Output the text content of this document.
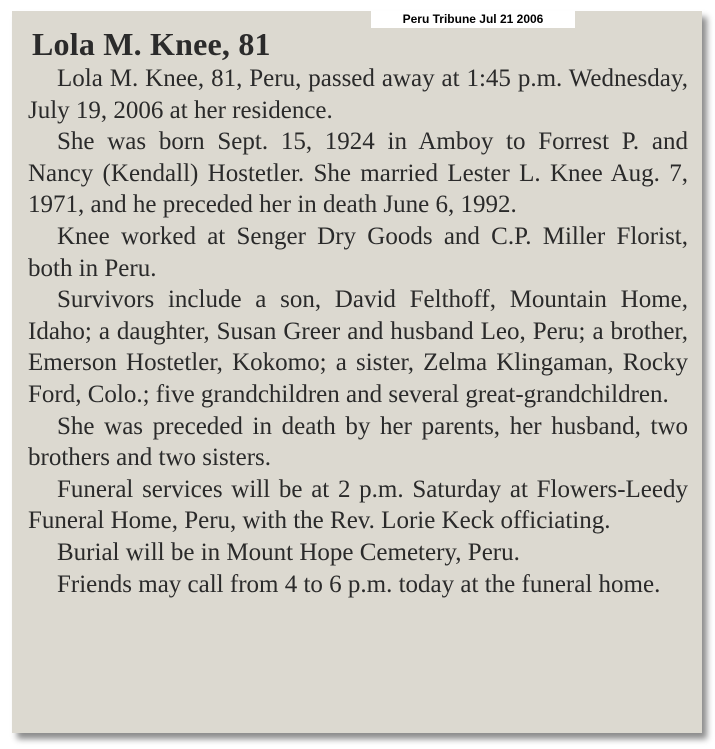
Lola M. Knee, 81

Lola M. Knee, 81, Peru, passed away at 1:45 p.m. Wednesday, July 19, 2006 at her residence.

She was born Sept. 15, 1924 in Amboy to Forrest P. and Nancy (Kendall) Hostetler. She married Lester L. Knee Aug. 7, 1971, and he preceded her in death June 6, 1992.

Knee worked at Senger Dry Goods and C.P. Miller Florist, both in Peru.

Survivors include a son, David Felthoff, Mountain Home, Idaho; a daughter, Susan Greer and husband Leo, Peru; a brother, Emerson Hostetler, Kokomo; a sister, Zelma Klingaman, Rocky Ford, Colo.; five grandchildren and several great-grandchildren.

She was preceded in death by her parents, her husband, two brothers and two sisters.

Funeral services will be at 2 p.m. Saturday at Flowers-Leedy Funeral Home, Peru, with the Rev. Lorie Keck officiating.

Burial will be in Mount Hope Cemetery, Peru.

Friends may call from 4 to 6 p.m. today at the funeral home.

Peru Tribune Jul 21 2006
